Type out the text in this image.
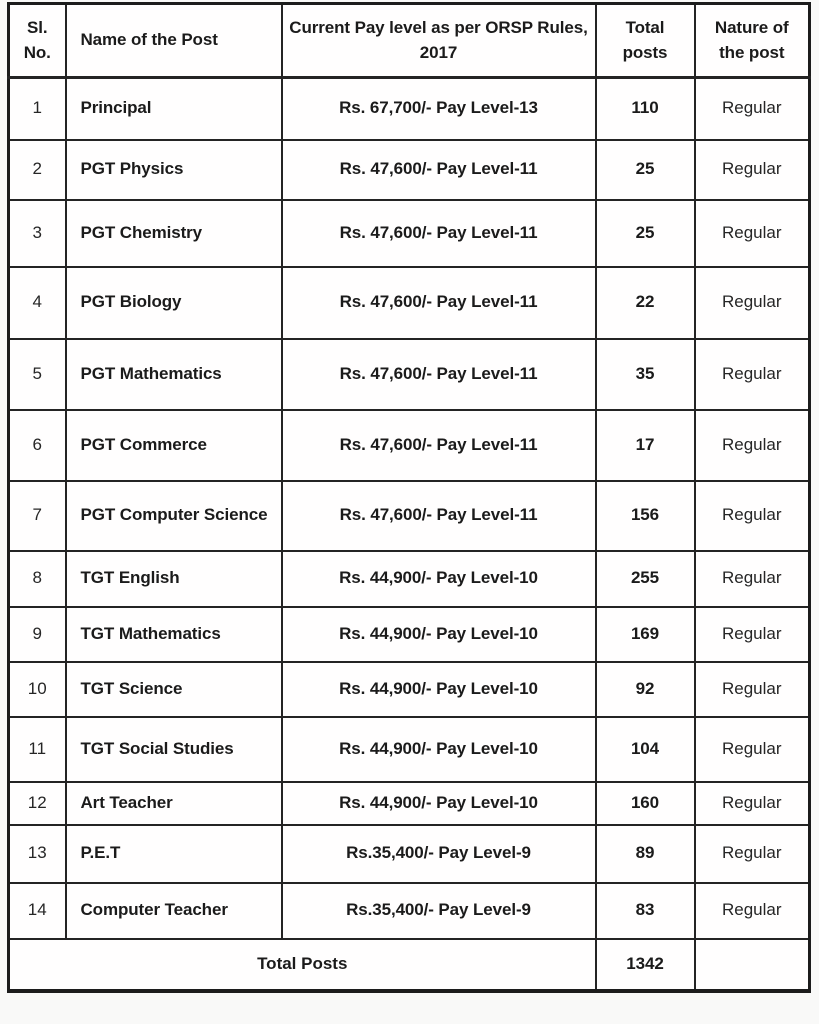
Sl. No.	Name of the Post	Current Pay level as per ORSP Rules, 2017	Total posts	Nature of the post
1	Principal	Rs. 67,700/- Pay Level-13	110	Regular
2	PGT Physics	Rs. 47,600/- Pay Level-11	25	Regular
3	PGT Chemistry	Rs. 47,600/- Pay Level-11	25	Regular
4	PGT Biology	Rs. 47,600/- Pay Level-11	22	Regular
5	PGT Mathematics	Rs. 47,600/- Pay Level-11	35	Regular
6	PGT Commerce	Rs. 47,600/- Pay Level-11	17	Regular
7	PGT Computer Science	Rs. 47,600/- Pay Level-11	156	Regular
8	TGT English	Rs. 44,900/- Pay Level-10	255	Regular
9	TGT Mathematics	Rs. 44,900/- Pay Level-10	169	Regular
10	TGT Science	Rs. 44,900/- Pay Level-10	92	Regular
11	TGT Social Studies	Rs. 44,900/- Pay Level-10	104	Regular
12	Art Teacher	Rs. 44,900/- Pay Level-10	160	Regular
13	P.E.T	Rs.35,400/- Pay Level-9	89	Regular
14	Computer Teacher	Rs.35,400/- Pay Level-9	83	Regular
Total Posts			1342	
